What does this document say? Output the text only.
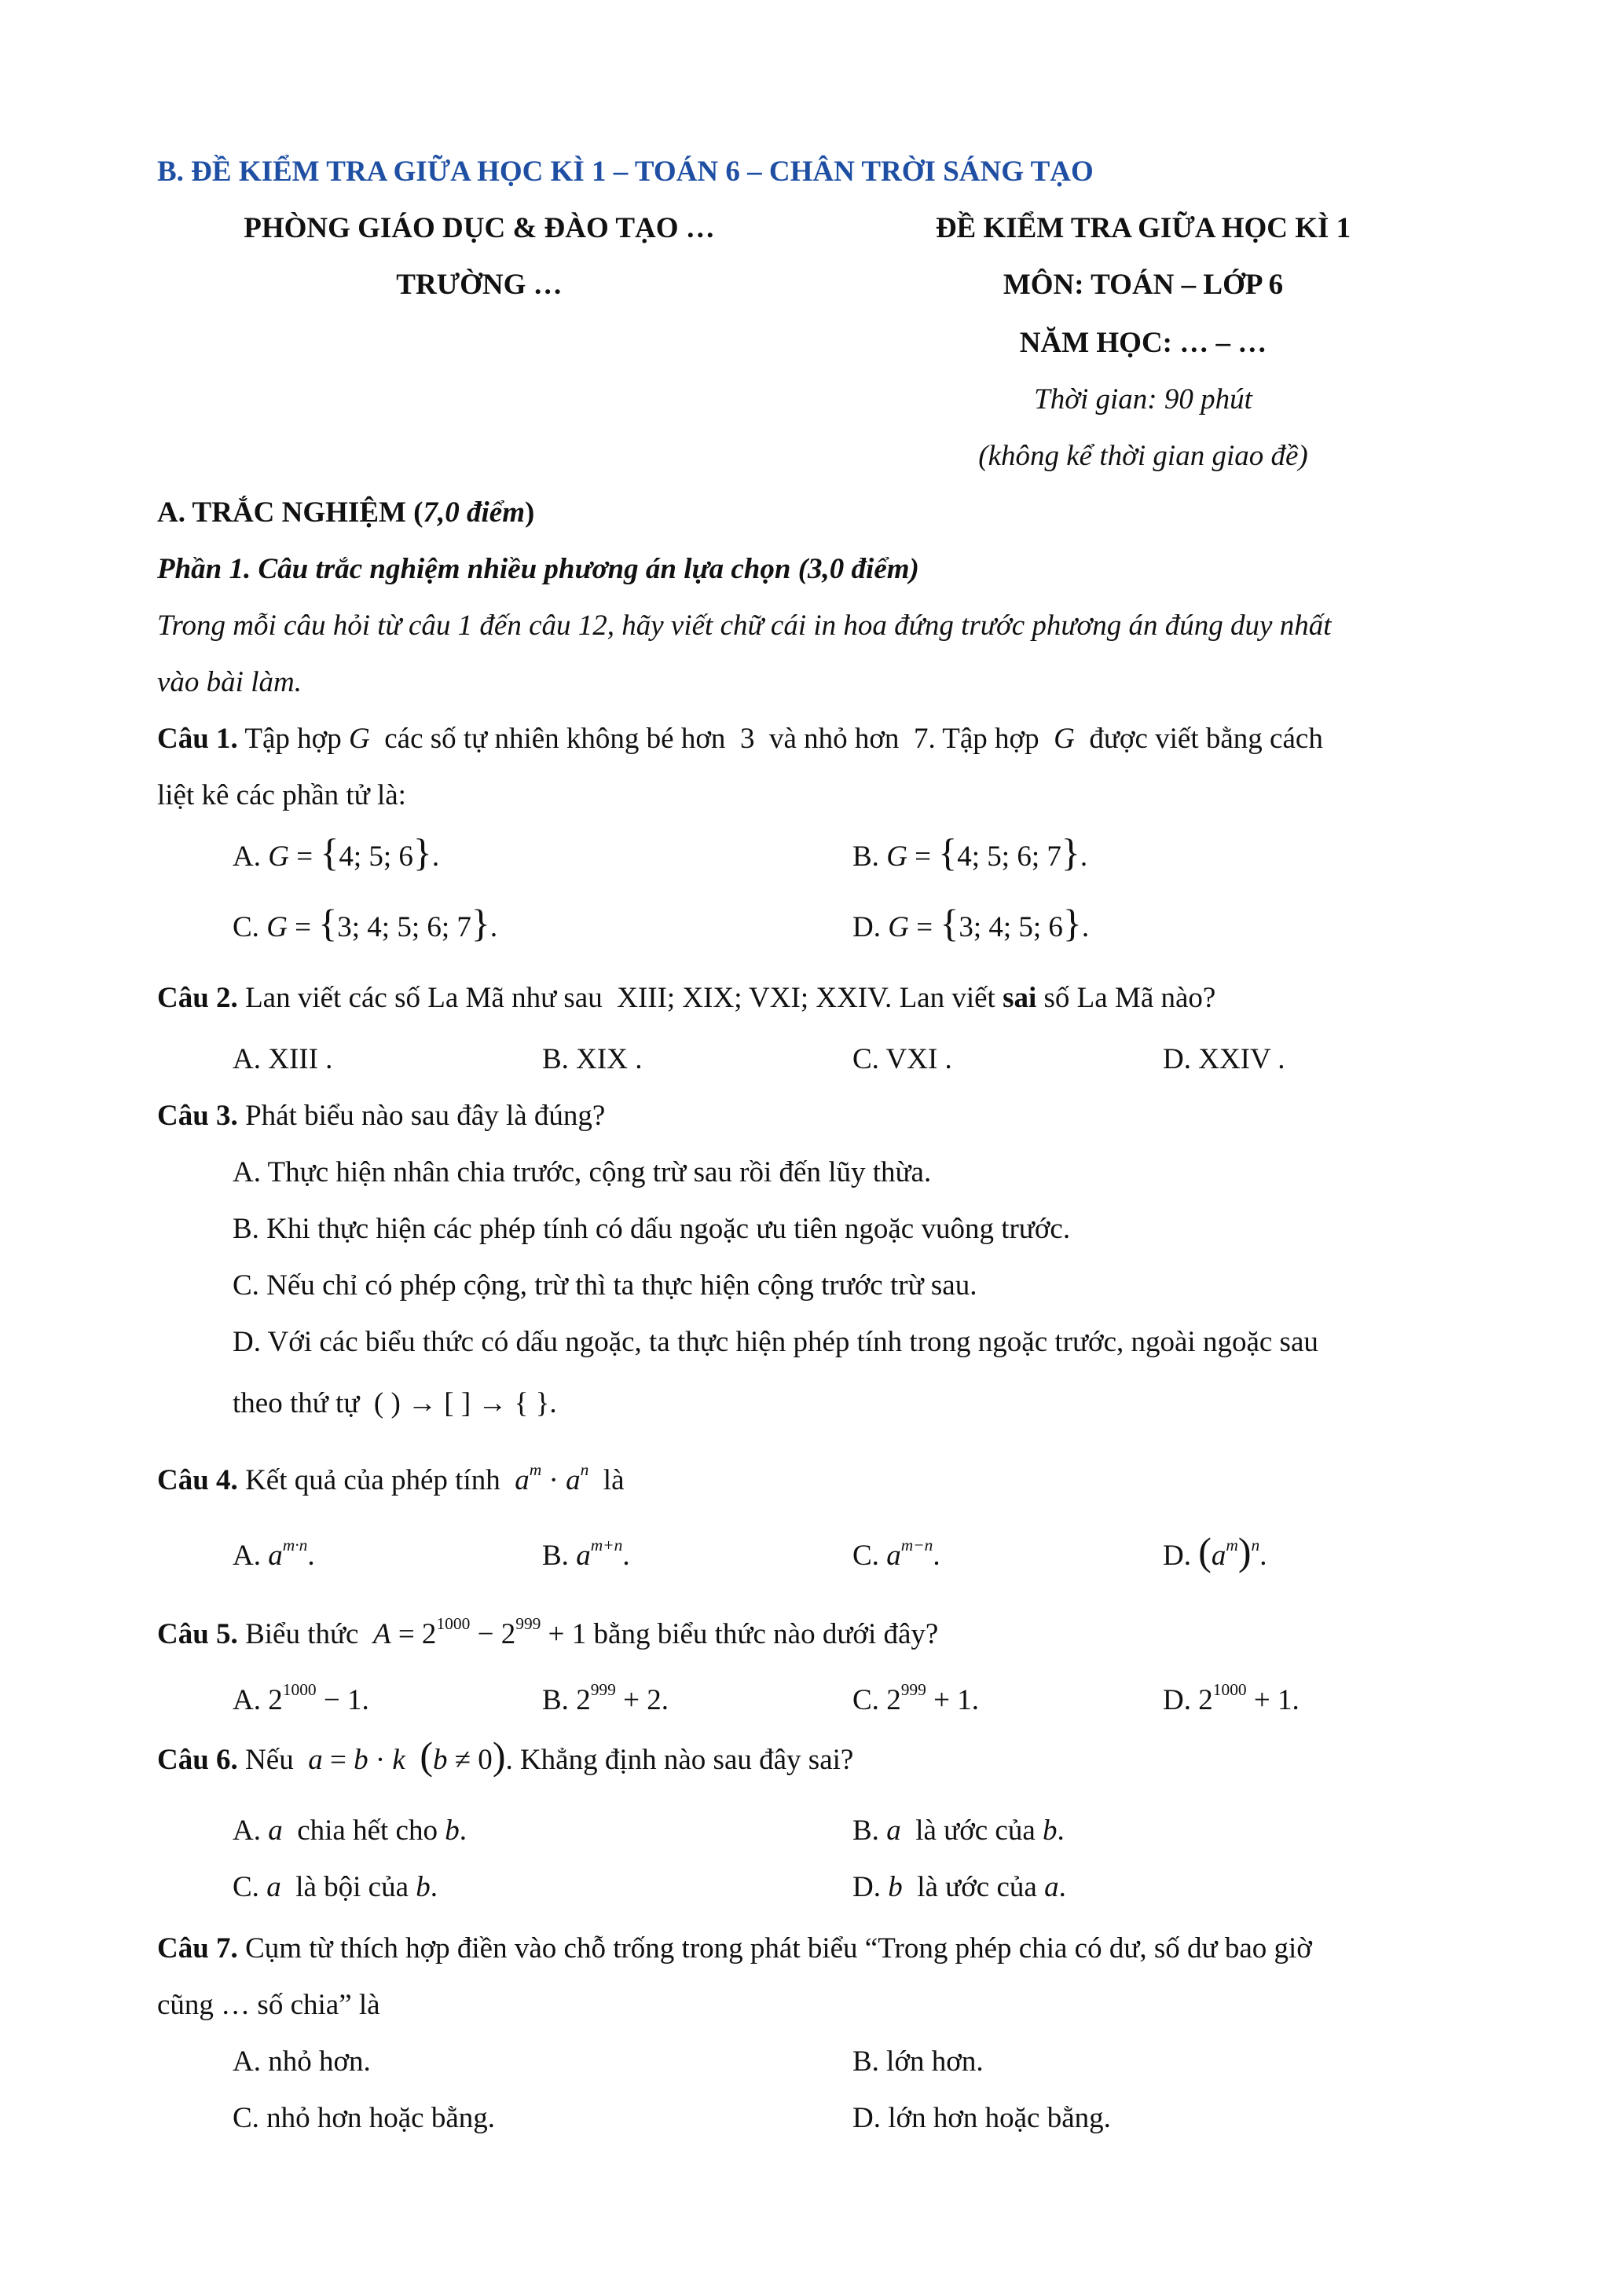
B. ĐỀ KIỂM TRA GIỮA HỌC KÌ 1 – TOÁN 6 – CHÂN TRỜI SÁNG TẠO
PHÒNG GIÁO DỤC & ĐÀO TẠO …
TRƯỜNG …
ĐỀ KIỂM TRA GIỮA HỌC KÌ 1
MÔN: TOÁN – LỚP 6
NĂM HỌC: … – …
Thời gian: 90 phút
(không kể thời gian giao đề)
A. TRẮC NGHIỆM (7,0 điểm)
Phần 1. Câu trắc nghiệm nhiều phương án lựa chọn (3,0 điểm)
Trong mỗi câu hỏi từ câu 1 đến câu 12, hãy viết chữ cái in hoa đứng trước phương án đúng duy nhất
vào bài làm.
Câu 1. Tập hợp G các số tự nhiên không bé hơn 3 và nhỏ hơn 7. Tập hợp G được viết bằng cách
liệt kê các phần tử là:
A. G = {4; 5; 6}.	B. G = {4; 5; 6; 7}.
C. G = {3; 4; 5; 6; 7}.	D. G = {3; 4; 5; 6}.
Câu 2. Lan viết các số La Mã như sau XIII; XIX; VXI; XXIV. Lan viết sai số La Mã nào?
A. XIII .	B. XIX .	C. VXI .	D. XXIV .
Câu 3. Phát biểu nào sau đây là đúng?
A. Thực hiện nhân chia trước, cộng trừ sau rồi đến lũy thừa.
B. Khi thực hiện các phép tính có dấu ngoặc ưu tiên ngoặc vuông trước.
C. Nếu chỉ có phép cộng, trừ thì ta thực hiện cộng trước trừ sau.
D. Với các biểu thức có dấu ngoặc, ta thực hiện phép tính trong ngoặc trước, ngoài ngoặc sau
theo thứ tự ( ) → [ ] → { }.
Câu 4. Kết quả của phép tính $a^m \cdot a^n$ là
A. $a^{m\cdot n}$.	B. $a^{m+n}$.	C. $a^{m-n}$.	D. $(a^m)^n$.
Câu 5. Biểu thức $A = 2^{1000} - 2^{999} + 1$ bằng biểu thức nào dưới đây?
A. $2^{1000} - 1$.	B. $2^{999} + 2$.	C. $2^{999} + 1$.	D. $2^{1000} + 1$.
Câu 6. Nếu a = b · k (b ≠ 0). Khẳng định nào sau đây sai?
A. a chia hết cho b.	B. a là ước của b.
C. a là bội của b.	D. b là ước của a.
Câu 7. Cụm từ thích hợp điền vào chỗ trống trong phát biểu “Trong phép chia có dư, số dư bao giờ
cũng … số chia” là
A. nhỏ hơn.	B. lớn hơn.
C. nhỏ hơn hoặc bằng.	D. lớn hơn hoặc bằng.
